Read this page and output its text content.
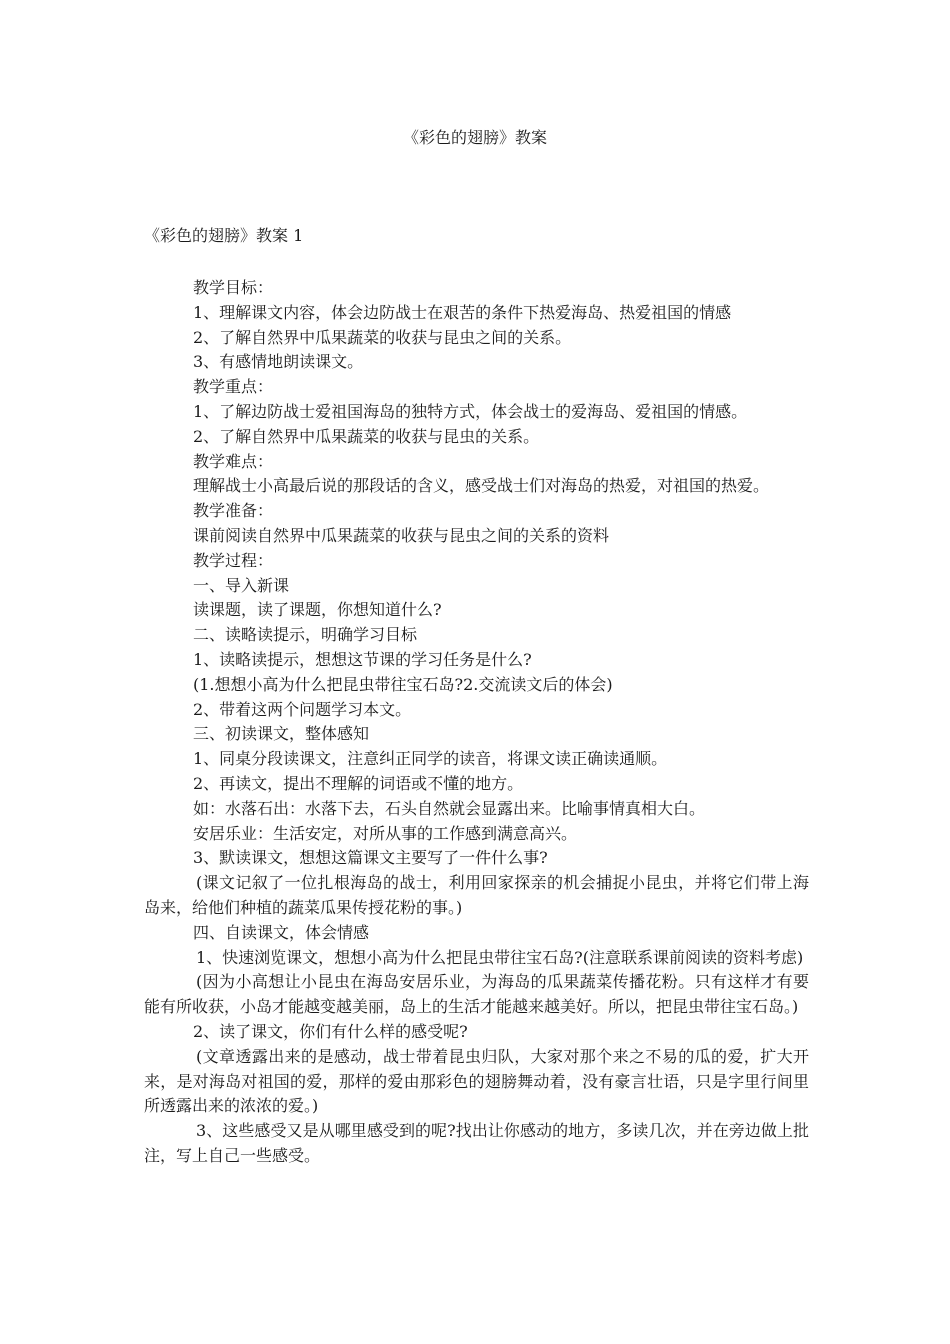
《彩色的翅膀》教案
《彩色的翅膀》教案 1
教学目标：
1、理解课文内容，体会边防战士在艰苦的条件下热爱海岛、热爱祖国的情感
2、了解自然界中瓜果蔬菜的收获与昆虫之间的关系。
3、有感情地朗读课文。
教学重点：
1、了解边防战士爱祖国海岛的独特方式，体会战士的爱海岛、爱祖国的情感。
2、了解自然界中瓜果蔬菜的收获与昆虫的关系。
教学难点：
理解战士小高最后说的那段话的含义，感受战士们对海岛的热爱，对祖国的热爱。
教学准备：
课前阅读自然界中瓜果蔬菜的收获与昆虫之间的关系的资料
教学过程：
一、导入新课
读课题，读了课题，你想知道什么?
二、读略读提示，明确学习目标
1、读略读提示，想想这节课的学习任务是什么?
(1.想想小高为什么把昆虫带往宝石岛?2.交流读文后的体会)
2、带着这两个问题学习本文。
三、初读课文，整体感知
1、同桌分段读课文，注意纠正同学的读音，将课文读正确读通顺。
2、再读文，提出不理解的词语或不懂的地方。
如：水落石出：水落下去，石头自然就会显露出来。比喻事情真相大白。
安居乐业：生活安定，对所从事的工作感到满意高兴。
3、默读课文，想想这篇课文主要写了一件什么事?
(课文记叙了一位扎根海岛的战士，利用回家探亲的机会捕捉小昆虫，并将它们带上海岛来，给他们种植的蔬菜瓜果传授花粉的事。)
四、自读课文，体会情感
1、快速浏览课文，想想小高为什么把昆虫带往宝石岛?(注意联系课前阅读的资料考虑)
(因为小高想让小昆虫在海岛安居乐业，为海岛的瓜果蔬菜传播花粉。只有这样才有要能有所收获，小岛才能越变越美丽，岛上的生活才能越来越美好。所以，把昆虫带往宝石岛。)
2、读了课文，你们有什么样的感受呢?
(文章透露出来的是感动，战士带着昆虫归队，大家对那个来之不易的瓜的爱，扩大开来，是对海岛对祖国的爱，那样的爱由那彩色的翅膀舞动着，没有豪言壮语，只是字里行间里所透露出来的浓浓的爱。)
3、这些感受又是从哪里感受到的呢?找出让你感动的地方，多读几次，并在旁边做上批注，写上自己一些感受。
